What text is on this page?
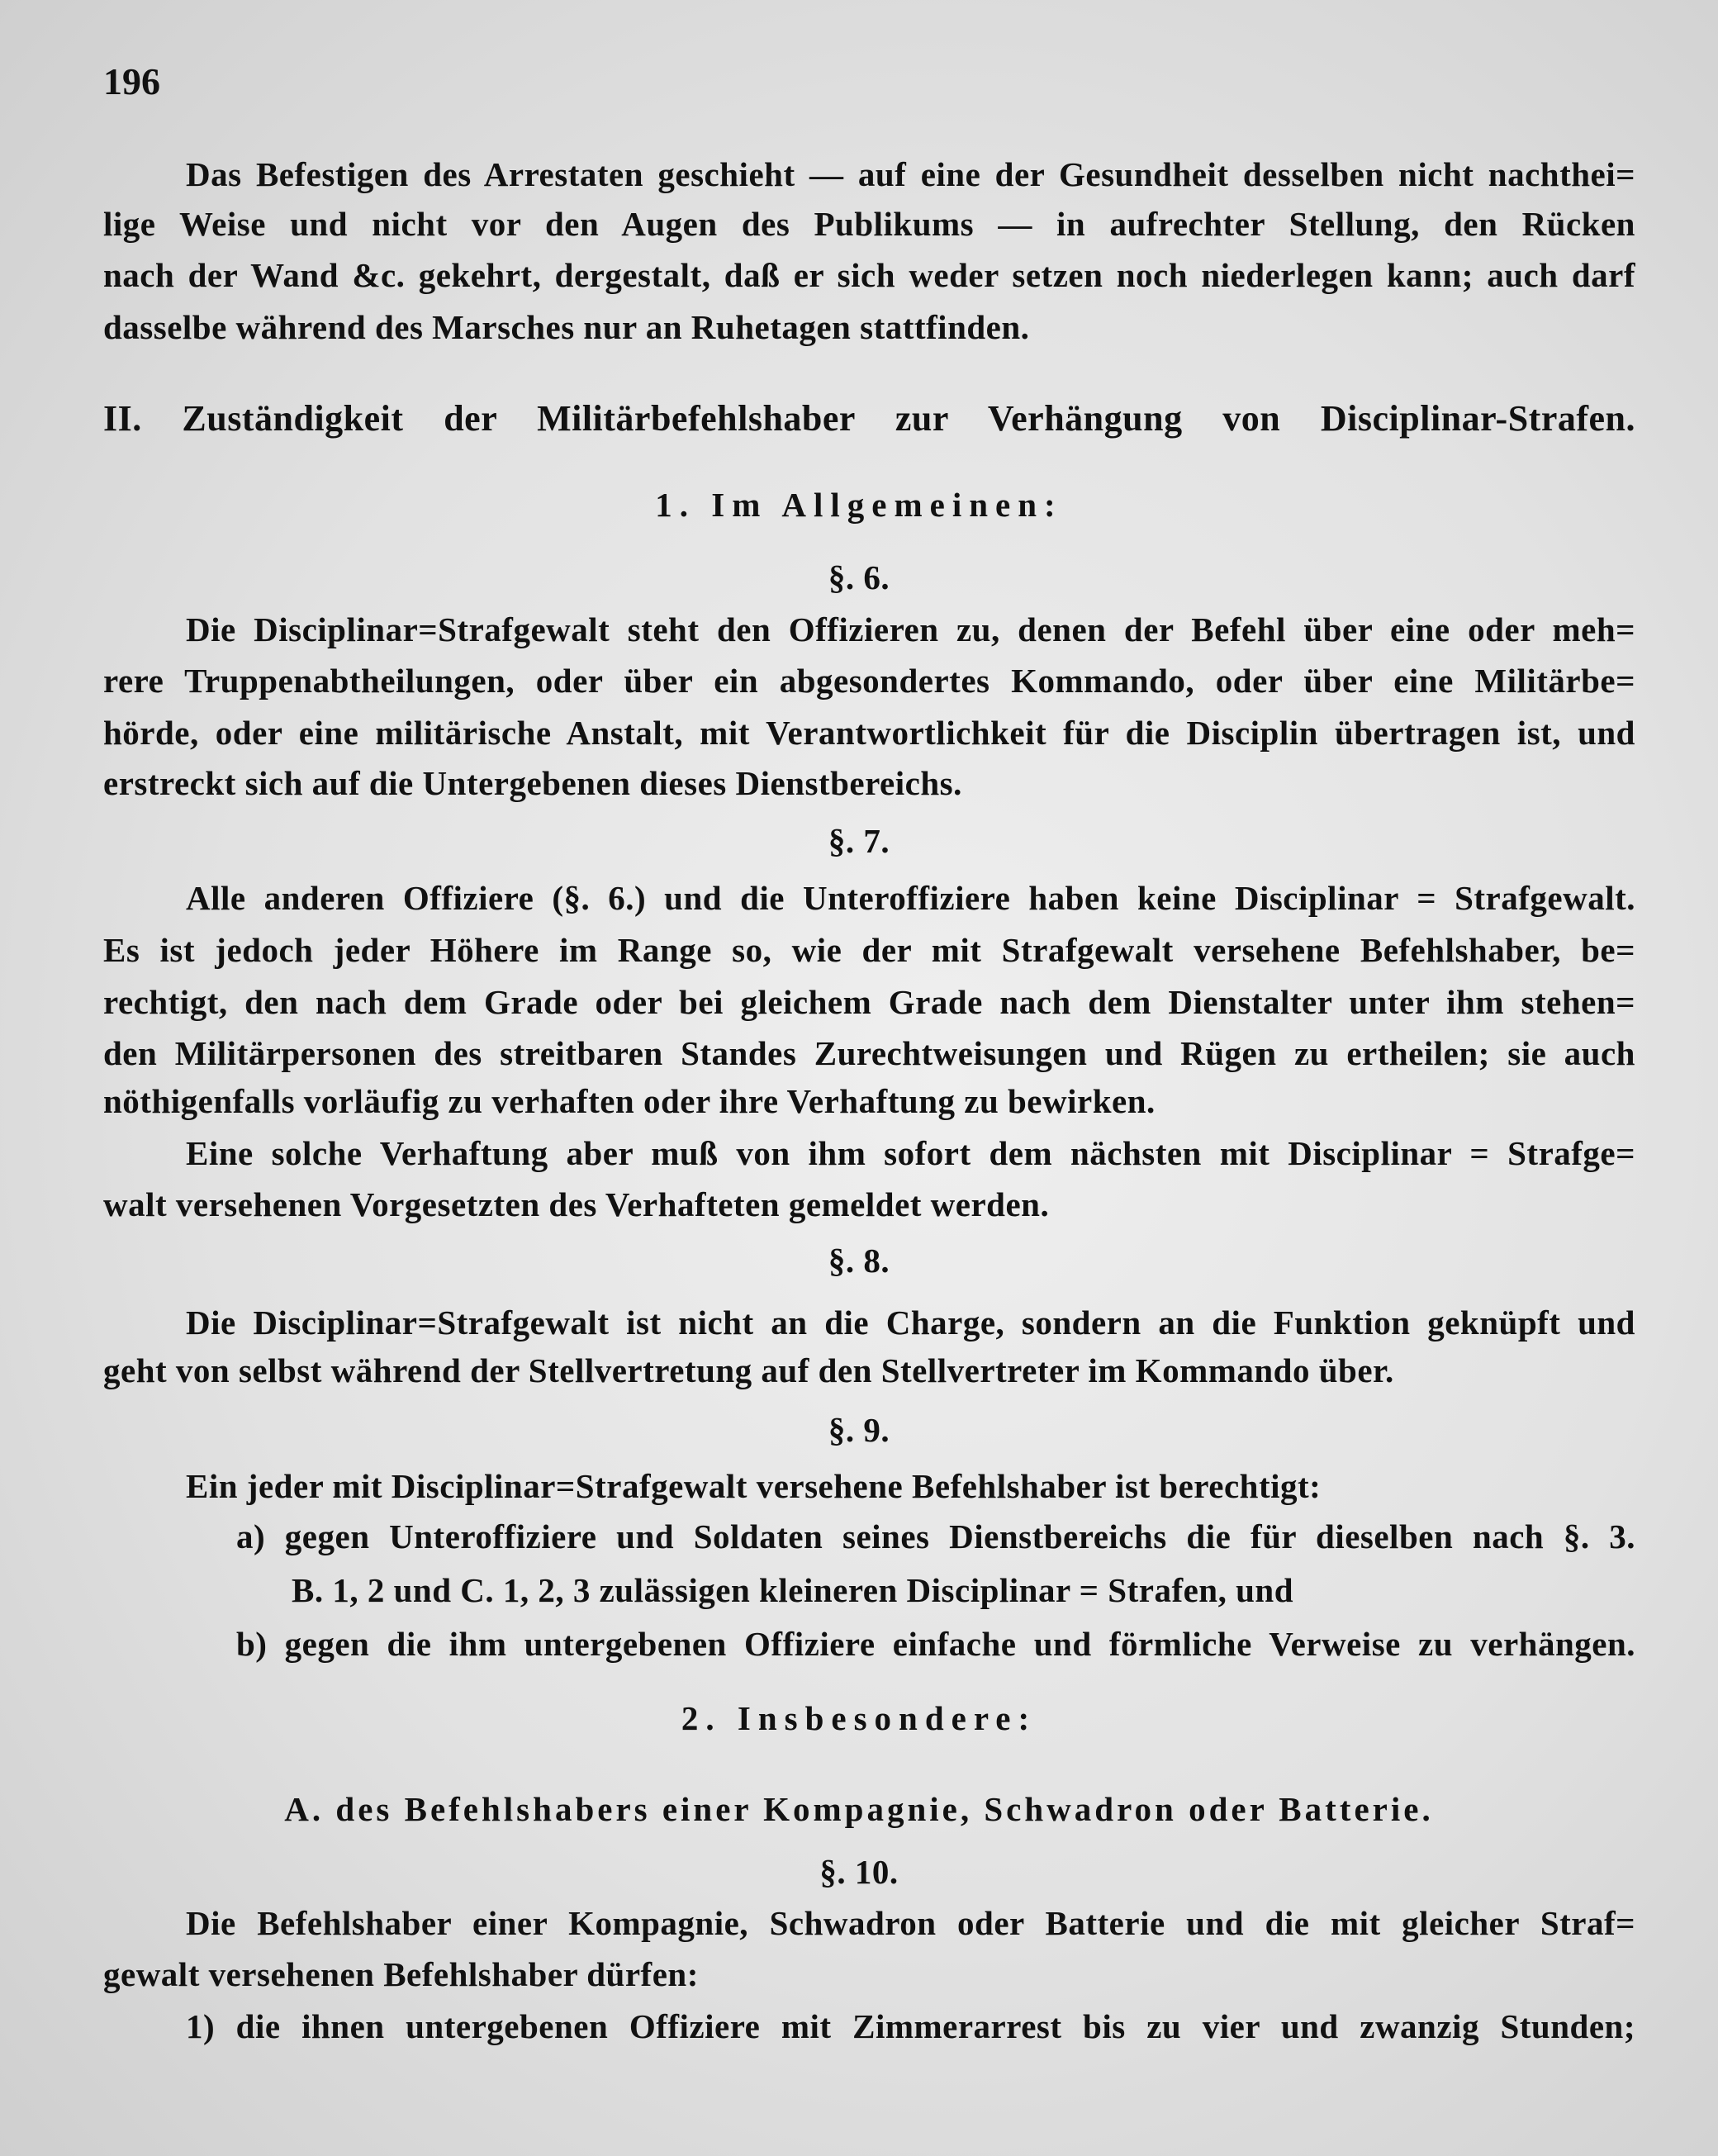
196
Das Befestigen des Arrestaten geschieht — auf eine der Gesundheit desselben nicht nachthei=
lige Weise und nicht vor den Augen des Publikums — in aufrechter Stellung, den Rücken
nach der Wand &c. gekehrt, dergestalt, daß er sich weder setzen noch niederlegen kann; auch darf
dasselbe während des Marsches nur an Ruhetagen stattfinden.
II. Zuständigkeit der Militärbefehlshaber zur Verhängung von Disciplinar-Strafen.
1. Im Allgemeinen:
§. 6.
Die Disciplinar=Strafgewalt steht den Offizieren zu, denen der Befehl über eine oder meh=
rere Truppenabtheilungen, oder über ein abgesondertes Kommando, oder über eine Militärbe=
hörde, oder eine militärische Anstalt, mit Verantwortlichkeit für die Disciplin übertragen ist, und
erstreckt sich auf die Untergebenen dieses Dienstbereichs.
§. 7.
Alle anderen Offiziere (§. 6.) und die Unteroffiziere haben keine Disciplinar = Strafgewalt.
Es ist jedoch jeder Höhere im Range so, wie der mit Strafgewalt versehene Befehlshaber, be=
rechtigt, den nach dem Grade oder bei gleichem Grade nach dem Dienstalter unter ihm stehen=
den Militärpersonen des streitbaren Standes Zurechtweisungen und Rügen zu ertheilen; sie auch
nöthigenfalls vorläufig zu verhaften oder ihre Verhaftung zu bewirken.
Eine solche Verhaftung aber muß von ihm sofort dem nächsten mit Disciplinar = Strafge=
walt versehenen Vorgesetzten des Verhafteten gemeldet werden.
§. 8.
Die Disciplinar=Strafgewalt ist nicht an die Charge, sondern an die Funktion geknüpft und
geht von selbst während der Stellvertretung auf den Stellvertreter im Kommando über.
§. 9.
Ein jeder mit Disciplinar=Strafgewalt versehene Befehlshaber ist berechtigt:
a) gegen Unteroffiziere und Soldaten seines Dienstbereichs die für dieselben nach §. 3.
B. 1, 2 und C. 1, 2, 3 zulässigen kleineren Disciplinar = Strafen, und
b) gegen die ihm untergebenen Offiziere einfache und förmliche Verweise zu verhängen.
2. Insbesondere:
A. des Befehlshabers einer Kompagnie, Schwadron oder Batterie.
§. 10.
Die Befehlshaber einer Kompagnie, Schwadron oder Batterie und die mit gleicher Straf=
gewalt versehenen Befehlshaber dürfen:
1) die ihnen untergebenen Offiziere mit Zimmerarrest bis zu vier und zwanzig Stunden;
